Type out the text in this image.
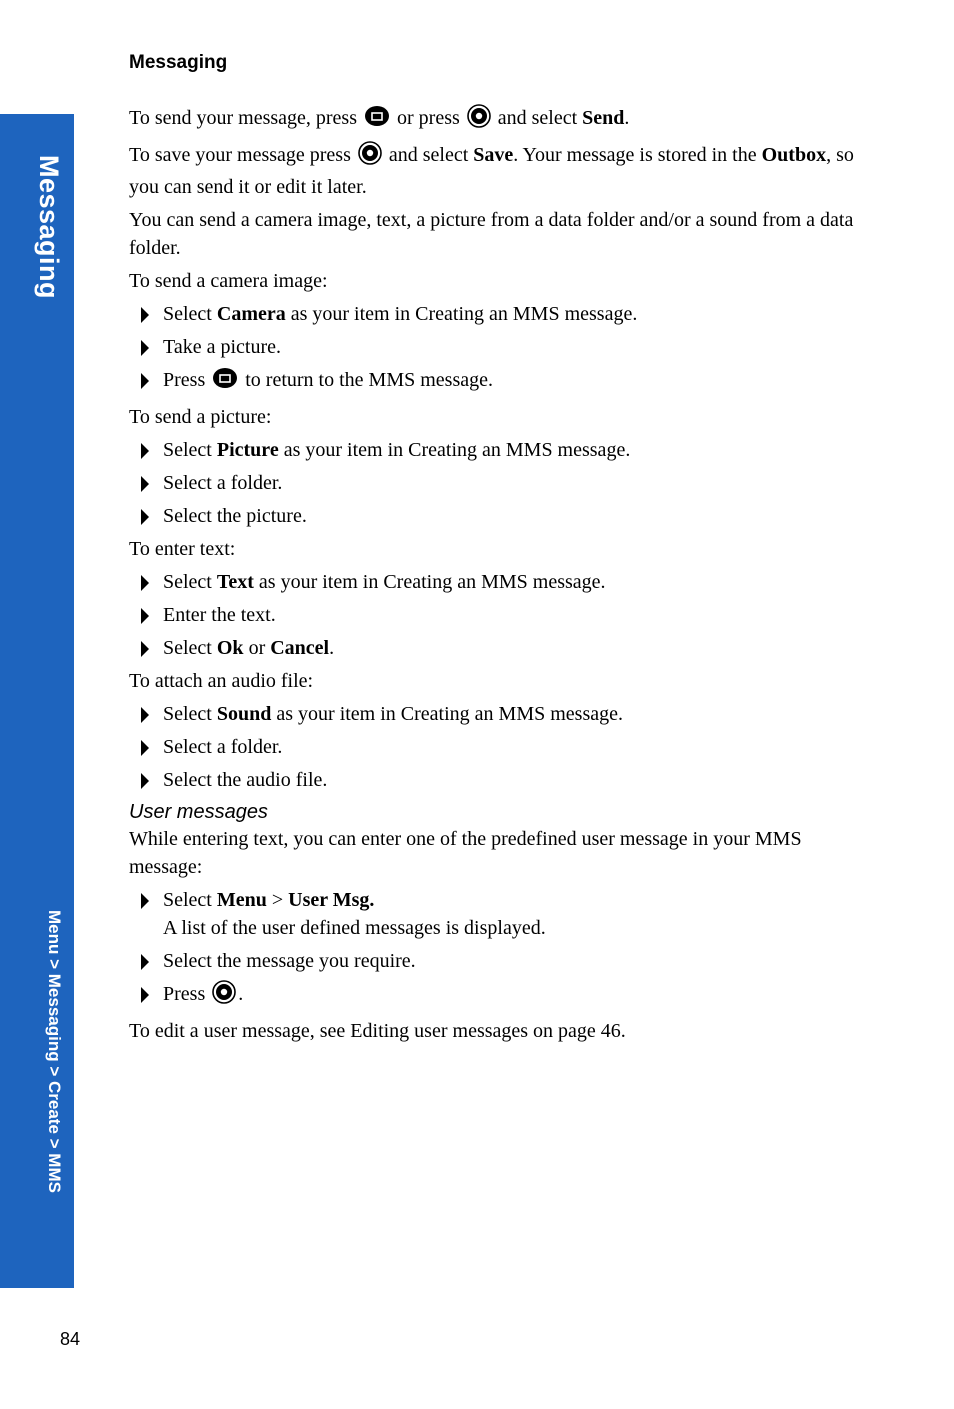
Messaging
Menu > Messaging > Create > MMS
Messaging

To send your message, press  or press  and select Send.

To save your message press  and select Save. Your message is stored in the Outbox, so you can send it or edit it later.

You can send a camera image, text, a picture from a data folder and/or a sound from a data folder.

To send a camera image:

Select Camera as your item in Creating an MMS message.
Take a picture.
Press  to return to the MMS message.

To send a picture:

Select Picture as your item in Creating an MMS message.
Select a folder.
Select the picture.

To enter text:

Select Text as your item in Creating an MMS message.
Enter the text.
Select Ok or Cancel.

To attach an audio file:

Select Sound as your item in Creating an MMS message.
Select a folder.
Select the audio file.
User messages

While entering text, you can enter one of the predefined user message in your MMS message:

Select Menu > User Msg.
A list of the user defined messages is displayed.
Select the message you require.
Press .

To edit a user message, see Editing user messages on page 46.

84
